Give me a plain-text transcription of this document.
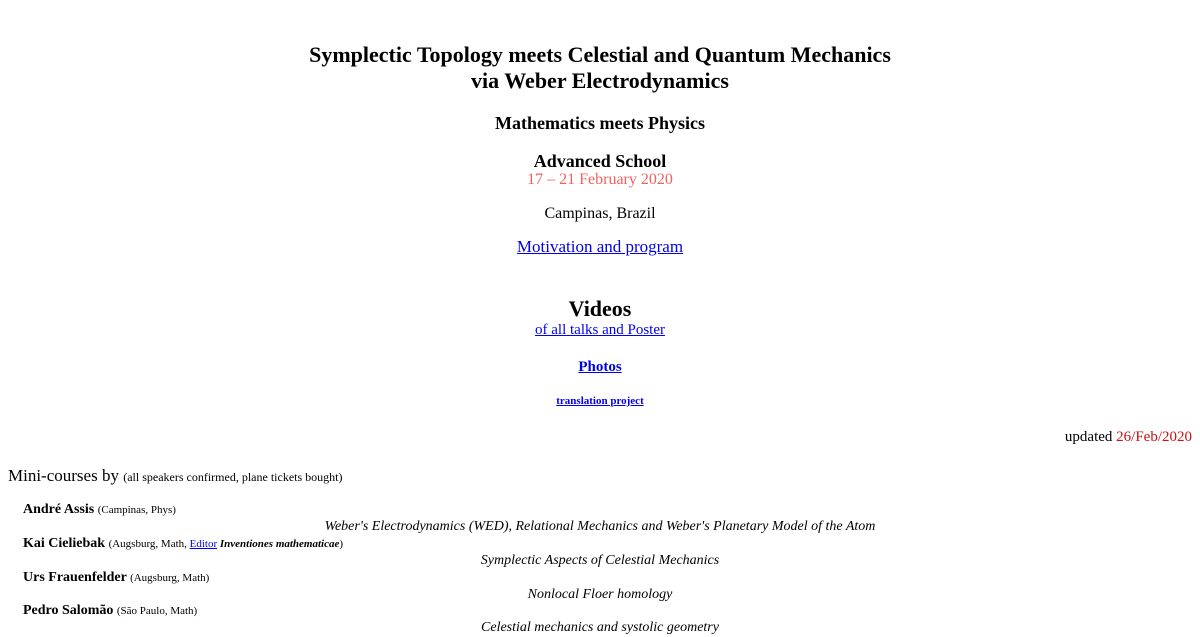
Symplectic Topology meets Celestial and Quantum Mechanics
via Weber Electrodynamics
Mathematics meets Physics
Advanced School
17 – 21 February 2020
Campinas, Brazil
Motivation and program
Videos
of all talks and Poster
Photos
translation project
updated 26/Feb/2020
Mini-courses by (all speakers confirmed, plane tickets bought)
André Assis (Campinas, Phys)
Weber's Electrodynamics (WED), Relational Mechanics and Weber's Planetary Model of the Atom
Kai Cieliebak (Augsburg, Math, Editor Inventiones mathematicae)
Symplectic Aspects of Celestial Mechanics
Urs Frauenfelder (Augsburg, Math)
Nonlocal Floer homology
Pedro Salomão (São Paulo, Math)
Celestial mechanics and systolic geometry
